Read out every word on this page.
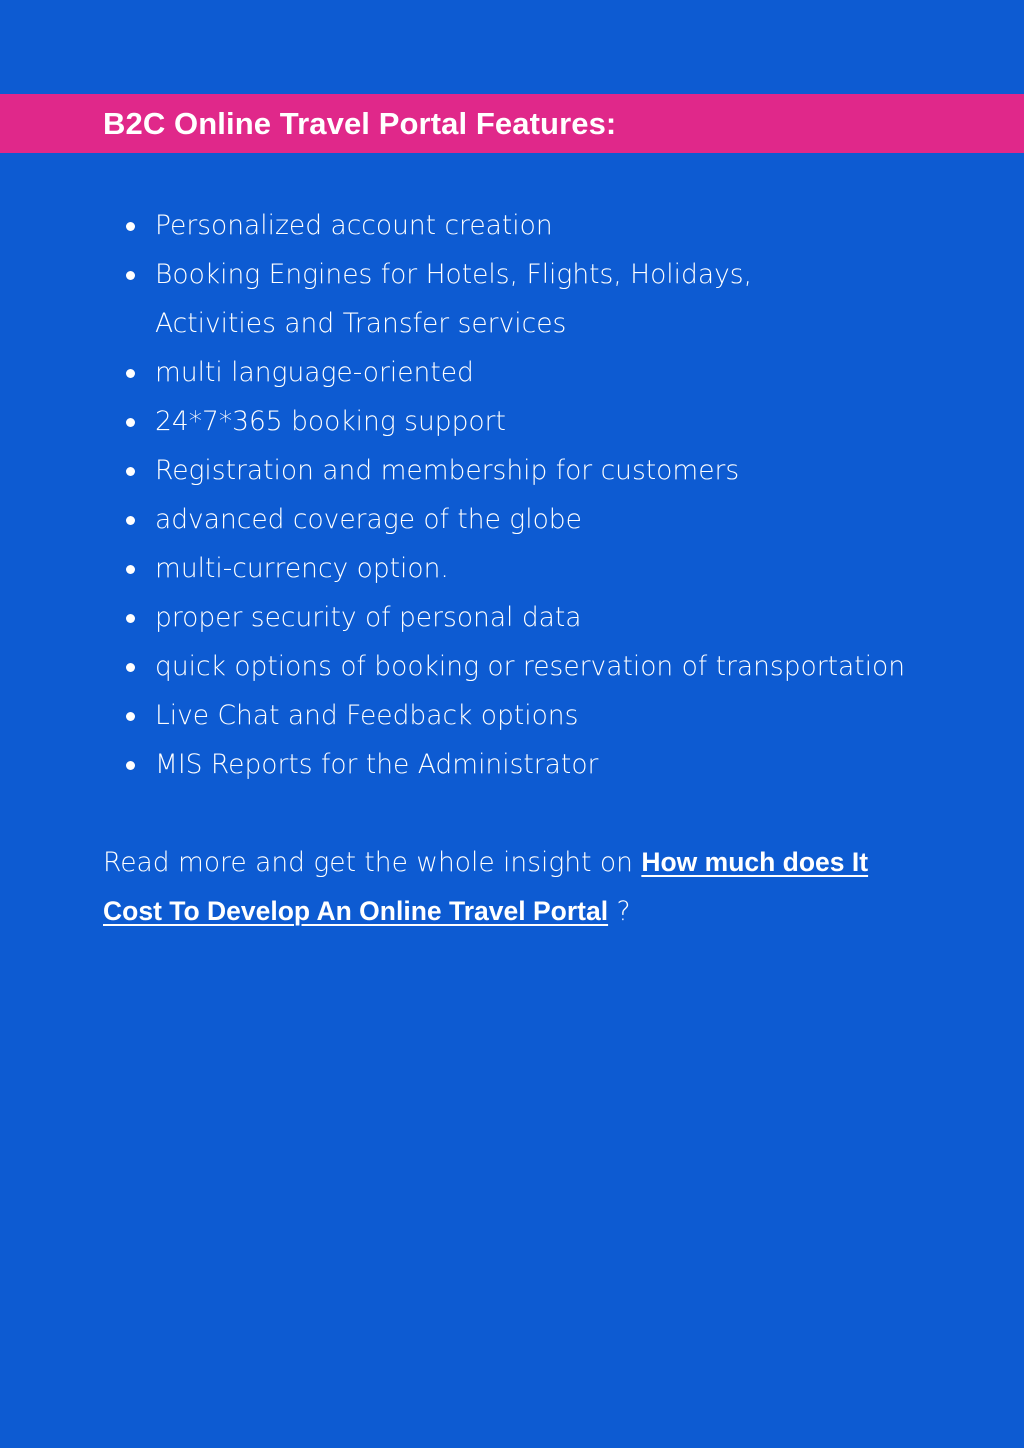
B2C Online Travel Portal Features:
Personalized account creation
Booking Engines for Hotels, Flights, Holidays, Activities and Transfer services
multi language-oriented
24*7*365 booking support
Registration and membership for customers
advanced coverage of the globe
multi-currency option.
proper security of personal data
quick options of booking or reservation of transportation
Live Chat and Feedback options
MIS Reports for the Administrator

Read more and get the whole insight on How much does It Cost To Develop An Online Travel Portal ?
